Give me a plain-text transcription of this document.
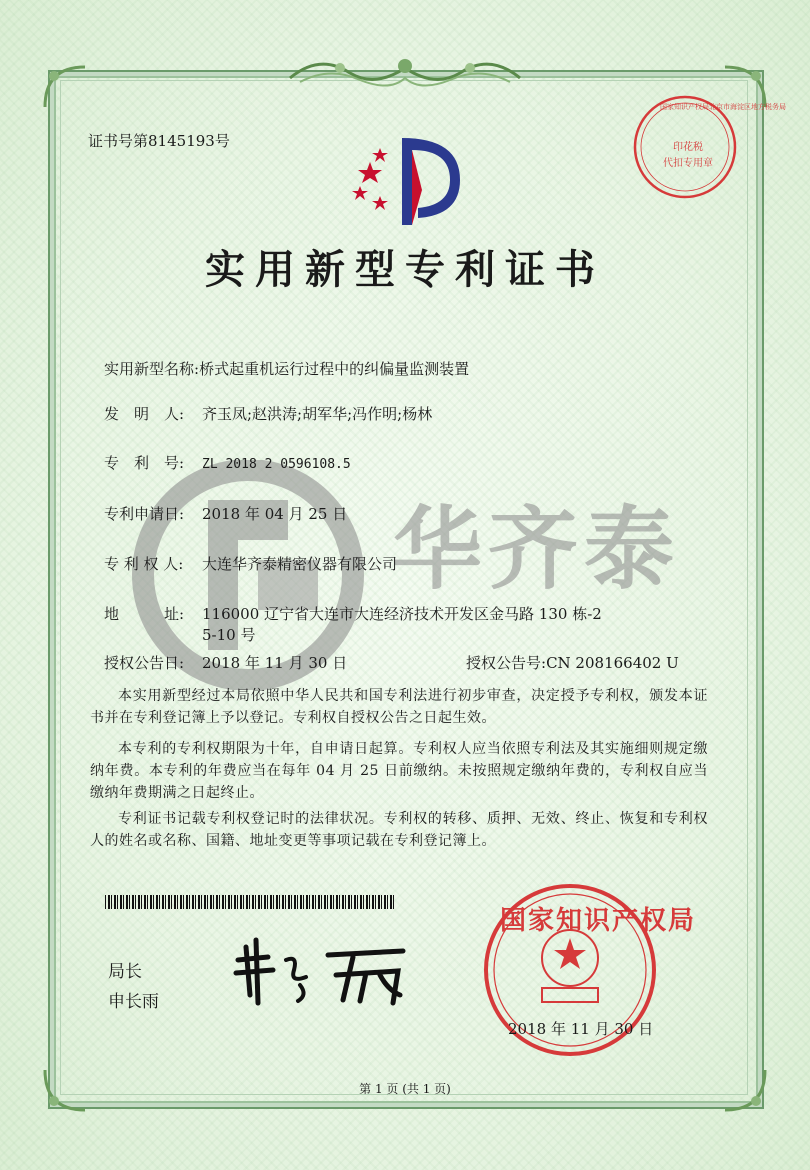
证书号第8145193号
国家知识产权局北京市海淀区地方税务局
印花税
代扣专用章
实用新型专利证书
华齐泰
实用新型名称:桥式起重机运行过程中的纠偏量监测装置
发　明　人: 齐玉凤;赵洪涛;胡军华;冯作明;杨林
专　利　号: ZL 2018 2 0596108.5
专利申请日: 2018 年 04 月 25 日
专 利 权 人: 大连华齐泰精密仪器有限公司
地　　　址: 116000 辽宁省大连市大连经济技术开发区金马路 130 栋-2
5-10 号
授权公告日: 2018 年 11 月 30 日	授权公告号:CN 208166402 U
本实用新型经过本局依照中华人民共和国专利法进行初步审查，决定授予专利权，颁发本证书并在专利登记簿上予以登记。专利权自授权公告之日起生效。
本专利的专利权期限为十年，自申请日起算。专利权人应当依照专利法及其实施细则规定缴纳年费。本专利的年费应当在每年 04 月 25 日前缴纳。未按照规定缴纳年费的，专利权自应当缴纳年费期满之日起终止。
专利证书记载专利权登记时的法律状况。专利权的转移、质押、无效、终止、恢复和专利权人的姓名或名称、国籍、地址变更等事项记载在专利登记簿上。
局长
申长雨
国家知识产权局
2018 年 11 月 30 日
第 1 页 (共 1 页)
